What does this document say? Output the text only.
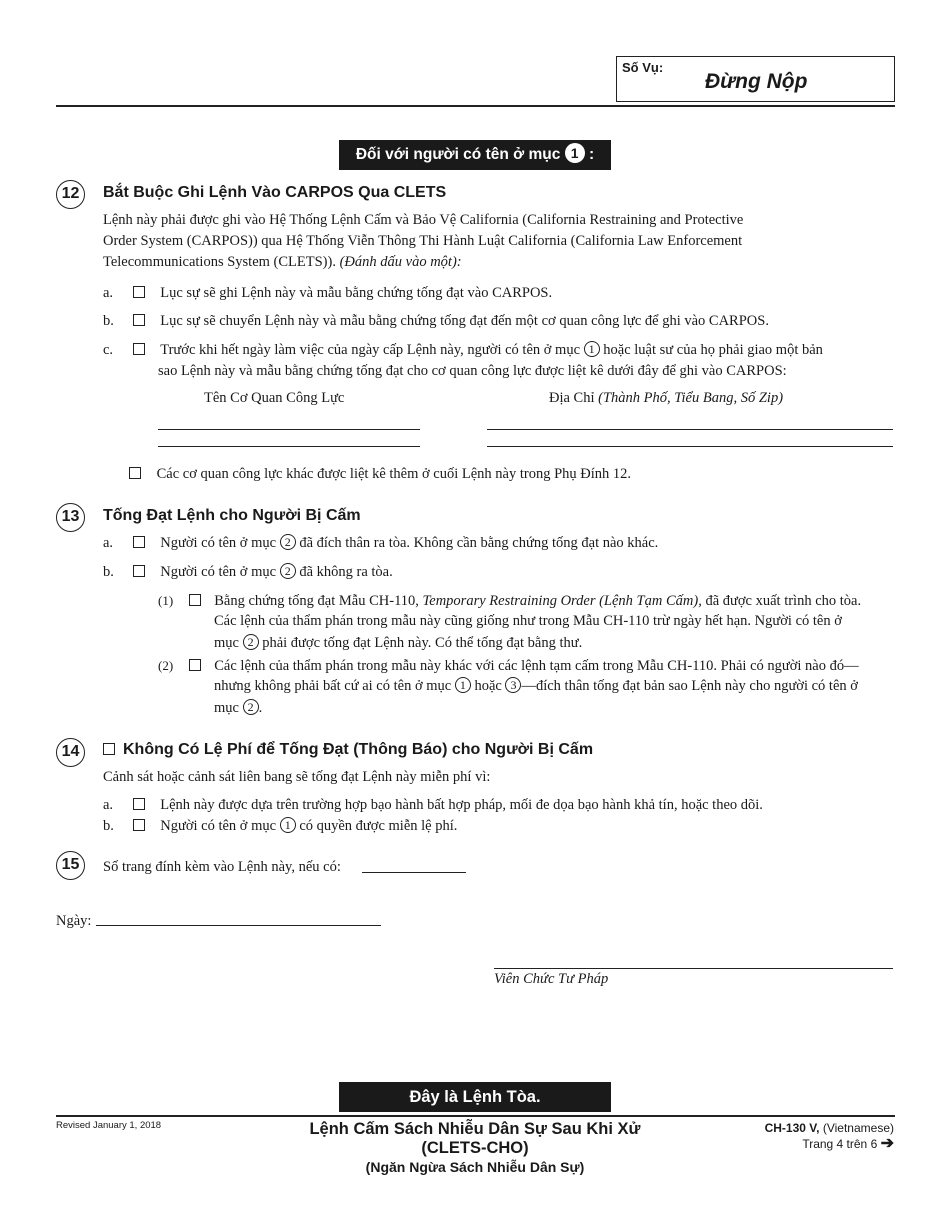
Số Vụ:
Đừng Nộp
Đối với người có tên ở mục 1 :
12	Bắt Buộc Ghi Lệnh Vào CARPOS Qua CLETS
Lệnh này phải được ghi vào Hệ Thống Lệnh Cấm và Bảo Vệ California (California Restraining and Protective
Order System (CARPOS)) qua Hệ Thống Viễn Thông Thi Hành Luật California (California Law Enforcement
Telecommunications System (CLETS)). (Đánh dấu vào một):
a.	Lục sự sẽ ghi Lệnh này và mẫu bằng chứng tống đạt vào CARPOS.
b.	Lục sự sẽ chuyển Lệnh này và mẫu bằng chứng tống đạt đến một cơ quan công lực để ghi vào CARPOS.
c.	Trước khi hết ngày làm việc của ngày cấp Lệnh này, người có tên ở mục 1 hoặc luật sư của họ phải giao một bản
sao Lệnh này và mẫu bằng chứng tống đạt cho cơ quan công lực được liệt kê dưới đây để ghi vào CARPOS:
Tên Cơ Quan Công Lực	Địa Chỉ (Thành Phố, Tiểu Bang, Số Zip)
Các cơ quan công lực khác được liệt kê thêm ở cuối Lệnh này trong Phụ Đính 12.
13	Tống Đạt Lệnh cho Người Bị Cấm
a.	Người có tên ở mục 2 đã đích thân ra tòa. Không cần bằng chứng tống đạt nào khác.
b.	Người có tên ở mục 2 đã không ra tòa.
(1)	Bằng chứng tống đạt Mẫu CH-110, Temporary Restraining Order (Lệnh Tạm Cấm), đã được xuất trình cho tòa.
Các lệnh của thẩm phán trong mẫu này cũng giống như trong Mẫu CH-110 trừ ngày hết hạn. Người có tên ở
mục 2 phải được tống đạt Lệnh này. Có thể tống đạt bằng thư.
(2)	Các lệnh của thẩm phán trong mẫu này khác với các lệnh tạm cấm trong Mẫu CH-110. Phải có người nào đó—
nhưng không phải bất cứ ai có tên ở mục 1 hoặc 3 —đích thân tống đạt bản sao Lệnh này cho người có tên ở
mục 2 .
14	Không Có Lệ Phí để Tống Đạt (Thông Báo) cho Người Bị Cấm
Cảnh sát hoặc cảnh sát liên bang sẽ tống đạt Lệnh này miễn phí vì:
a.	Lệnh này được dựa trên trường hợp bạo hành bất hợp pháp, mối đe dọa bạo hành khả tín, hoặc theo dõi.
b.	Người có tên ở mục 1 có quyền được miễn lệ phí.
15	Số trang đính kèm vào Lệnh này, nếu có:
Ngày:
Viên Chức Tư Pháp
Đây là Lệnh Tòa.
Revised January 1, 2018	Lệnh Cấm Sách Nhiễu Dân Sự Sau Khi Xử
(CLETS-CHO)
(Ngăn Ngừa Sách Nhiễu Dân Sự)
CH-130 V, (Vietnamese)
Trang 4 trên 6 ➔
